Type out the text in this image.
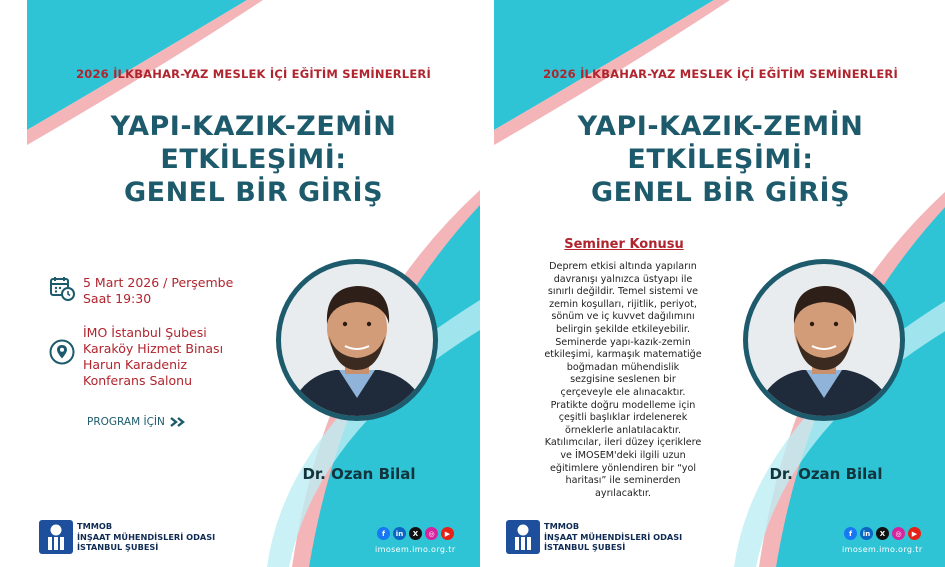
2026 İLKBAHAR-YAZ MESLEK İÇİ EĞİTİM SEMİNERLERİ
YAPI-KAZIK-ZEMİN
ETKİLEŞİMİ:
GENEL BİR GİRİŞ
5 Mart 2026 / Perşembe
Saat 19:30
İMO İstanbul Şubesi
Karaköy Hizmet Binası
Harun Karadeniz
Konferans Salonu
PROGRAM İÇİN
Dr. Ozan Bilal
TMMOB
İNŞAAT MÜHENDİSLERİ ODASI
İSTANBUL ŞUBESİ
f	in	X	◎	▶
imosem.imo.org.tr
2026 İLKBAHAR-YAZ MESLEK İÇİ EĞİTİM SEMİNERLERİ
YAPI-KAZIK-ZEMİN
ETKİLEŞİMİ:
GENEL BİR GİRİŞ
Seminer Konusu
Deprem etkisi altında yapıların
davranışı yalnızca üstyapı ile
sınırlı değildir. Temel sistemi ve
zemin koşulları, rijitlik, periyot,
sönüm ve iç kuvvet dağılımını
belirgin şekilde etkileyebilir.
Seminerde yapı-kazık-zemin
etkileşimi, karmaşık matematiğe
boğmadan mühendislik
sezgisine seslenen bir
çerçeveyle ele alınacaktır.
Pratikte doğru modelleme için
çeşitli başlıklar irdelenerek
örneklerle anlatılacaktır.
Katılımcılar, ileri düzey içeriklere
ve İMOSEM'deki ilgili uzun
eğitimlere yönlendiren bir “yol
haritası” ile seminerden
ayrılacaktır.
Dr. Ozan Bilal
TMMOB
İNŞAAT MÜHENDİSLERİ ODASI
İSTANBUL ŞUBESİ
f	in	X	◎	▶
imosem.imo.org.tr
